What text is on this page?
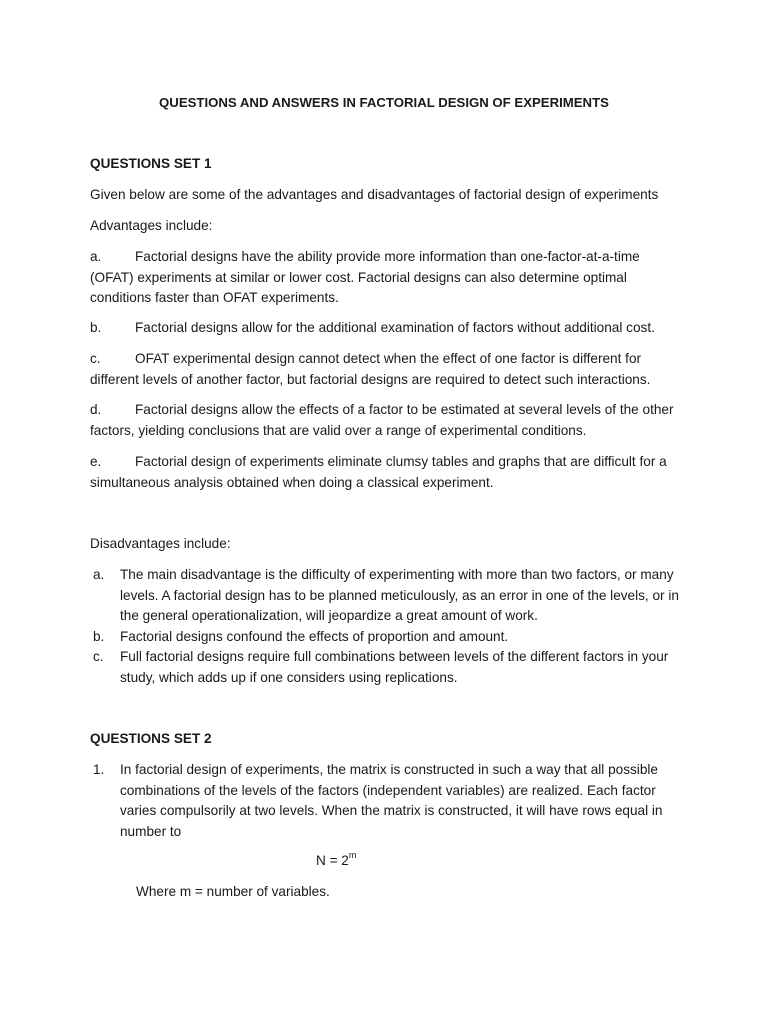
QUESTIONS AND ANSWERS IN FACTORIAL DESIGN OF EXPERIMENTS
QUESTIONS SET 1
Given below are some of the advantages and disadvantages of factorial design of experiments
Advantages include:
a. Factorial designs have the ability provide more information than one-factor-at-a-time (OFAT) experiments at similar or lower cost. Factorial designs can also determine optimal conditions faster than OFAT experiments.
b. Factorial designs allow for the additional examination of factors without additional cost.
c.	OFAT experimental design cannot detect when the effect of one factor is different for different levels of another factor, but factorial designs are required to detect such interactions.
d. Factorial designs allow the effects of a factor to be estimated at several levels of the other factors, yielding conclusions that are valid over a range of experimental conditions.
e. Factorial design of experiments eliminate clumsy tables and graphs that are difficult for a simultaneous analysis obtained when doing a classical experiment.
Disadvantages include:
a.	The main disadvantage is the difficulty of experimenting with more than two factors, or many levels. A factorial design has to be planned meticulously, as an error in one of the levels, or in the general operationalization, will jeopardize a great amount of work.
b.	Factorial designs confound the effects of proportion and amount.
c.	Full factorial designs require full combinations between levels of the different factors in your study, which adds up if one considers using replications.
QUESTIONS SET 2
1.	In factorial design of experiments, the matrix is constructed in such a way that all possible combinations of the levels of the factors (independent variables) are realized. Each factor varies compulsorily at two levels. When the matrix is constructed, it will have rows equal in number to
$N = 2^m$
Where m = number of variables.
